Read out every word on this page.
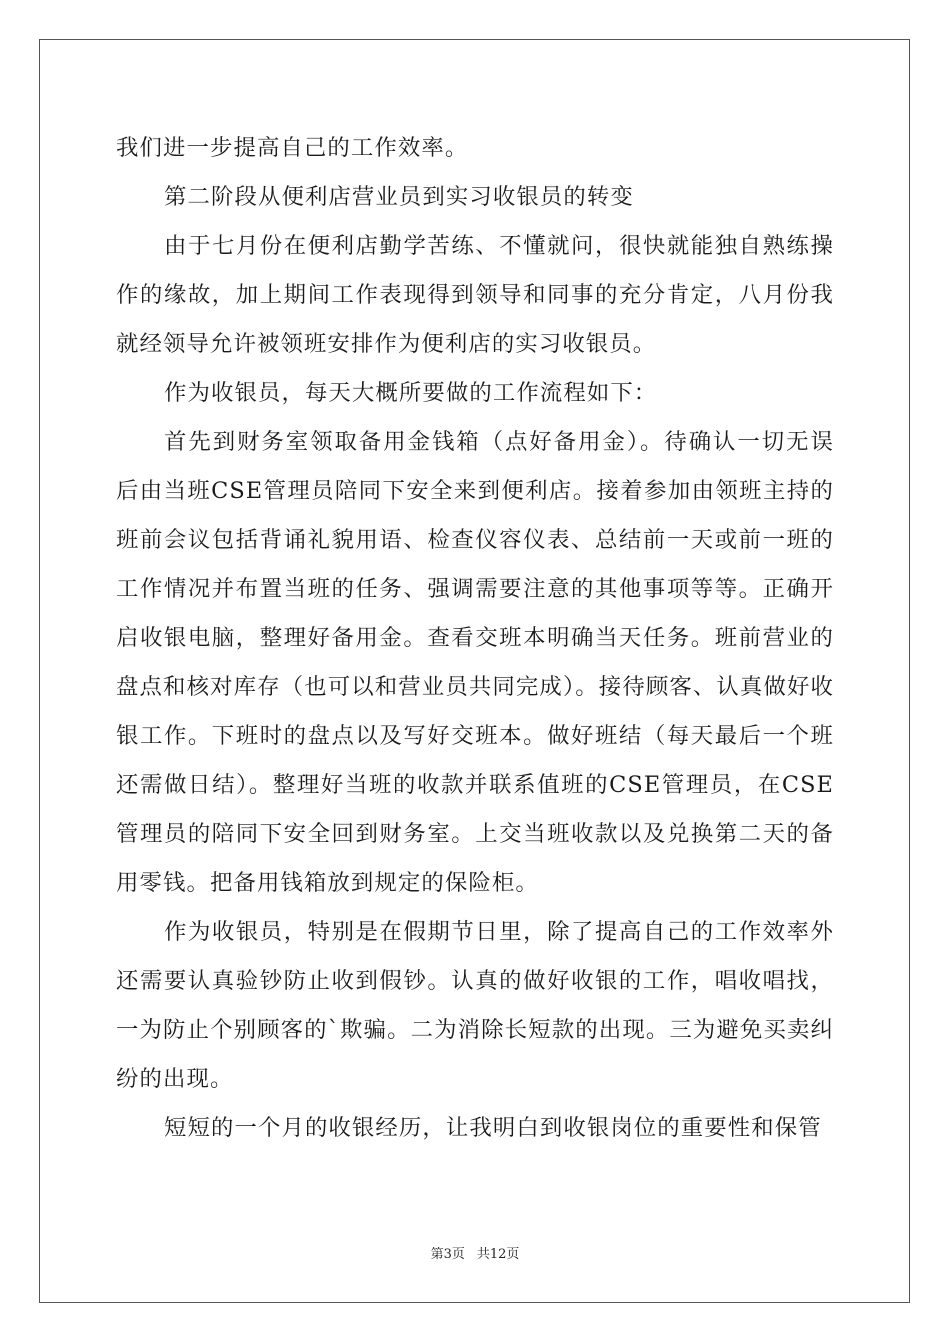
我们进一步提高自己的工作效率。

第二阶段从便利店营业员到实习收银员的转变

由于七月份在便利店勤学苦练、不懂就问，很快就能独自熟练操作的缘故，加上期间工作表现得到领导和同事的充分肯定，八月份我就经领导允许被领班安排作为便利店的实习收银员。

作为收银员，每天大概所要做的工作流程如下：

首先到财务室领取备用金钱箱（点好备用金）。待确认一切无误后由当班CSE管理员陪同下安全来到便利店。接着参加由领班主持的班前会议包括背诵礼貌用语、检查仪容仪表、总结前一天或前一班的工作情况并布置当班的任务、强调需要注意的其他事项等等。正确开启收银电脑，整理好备用金。查看交班本明确当天任务。班前营业的盘点和核对库存（也可以和营业员共同完成）。接待顾客、认真做好收银工作。下班时的盘点以及写好交班本。做好班结（每天最后一个班还需做日结）。整理好当班的收款并联系值班的CSE管理员，在CSE管理员的陪同下安全回到财务室。上交当班收款以及兑换第二天的备用零钱。把备用钱箱放到规定的保险柜。

作为收银员，特别是在假期节日里，除了提高自己的工作效率外还需要认真验钞防止收到假钞。认真的做好收银的工作，唱收唱找，一为防止个别顾客的`欺骗。二为消除长短款的出现。三为避免买卖纠纷的出现。

短短的一个月的收银经历，让我明白到收银岗位的重要性和保管

第3页 共12页
